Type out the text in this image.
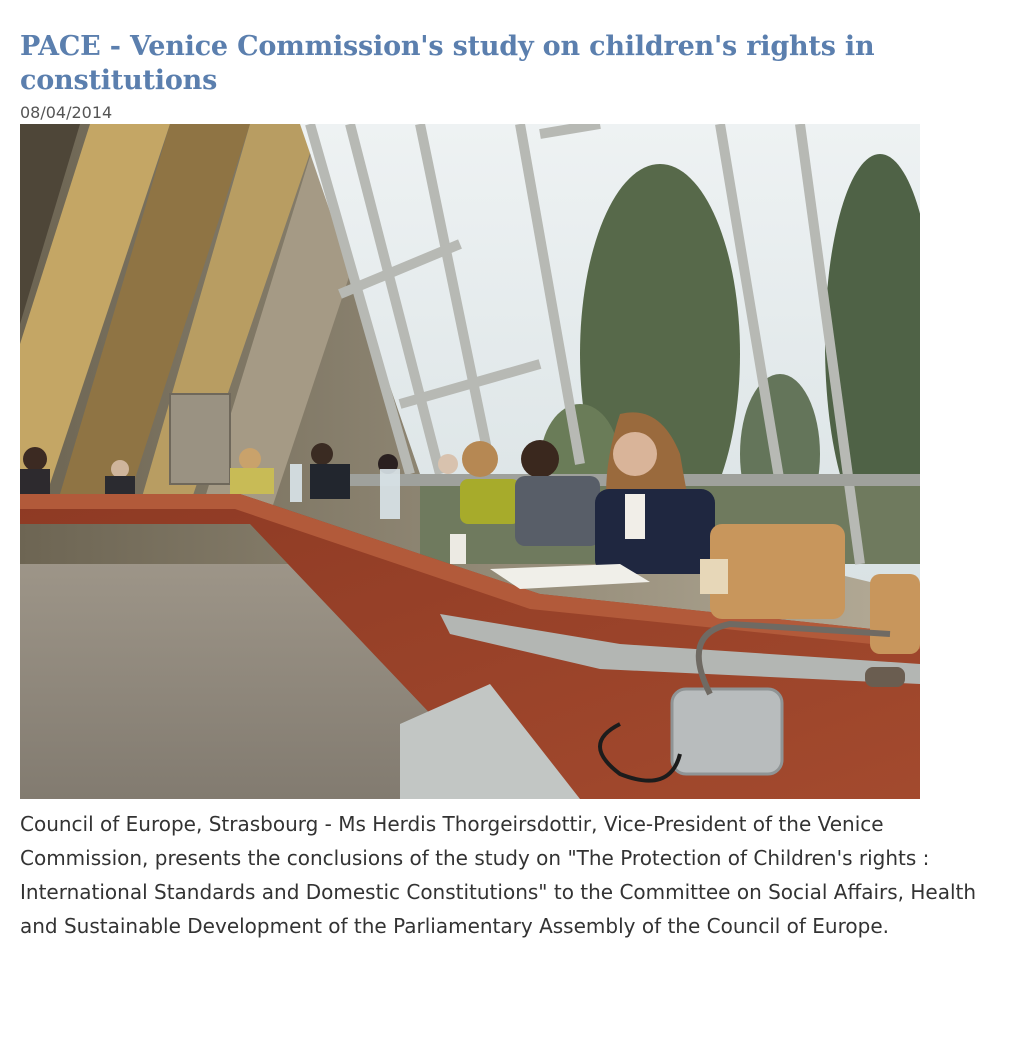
PACE - Venice Commission's study on children's rights in constitutions
08/04/2014
Council of Europe, Strasbourg - Ms Herdis Thorgeirsdottir, Vice-President of the Venice Commission, presents the conclusions of the study on "The Protection of Children's rights : International Standards and Domestic Constitutions" to the Committee on Social Affairs, Health and Sustainable Development of the Parliamentary Assembly of the Council of Europe.
